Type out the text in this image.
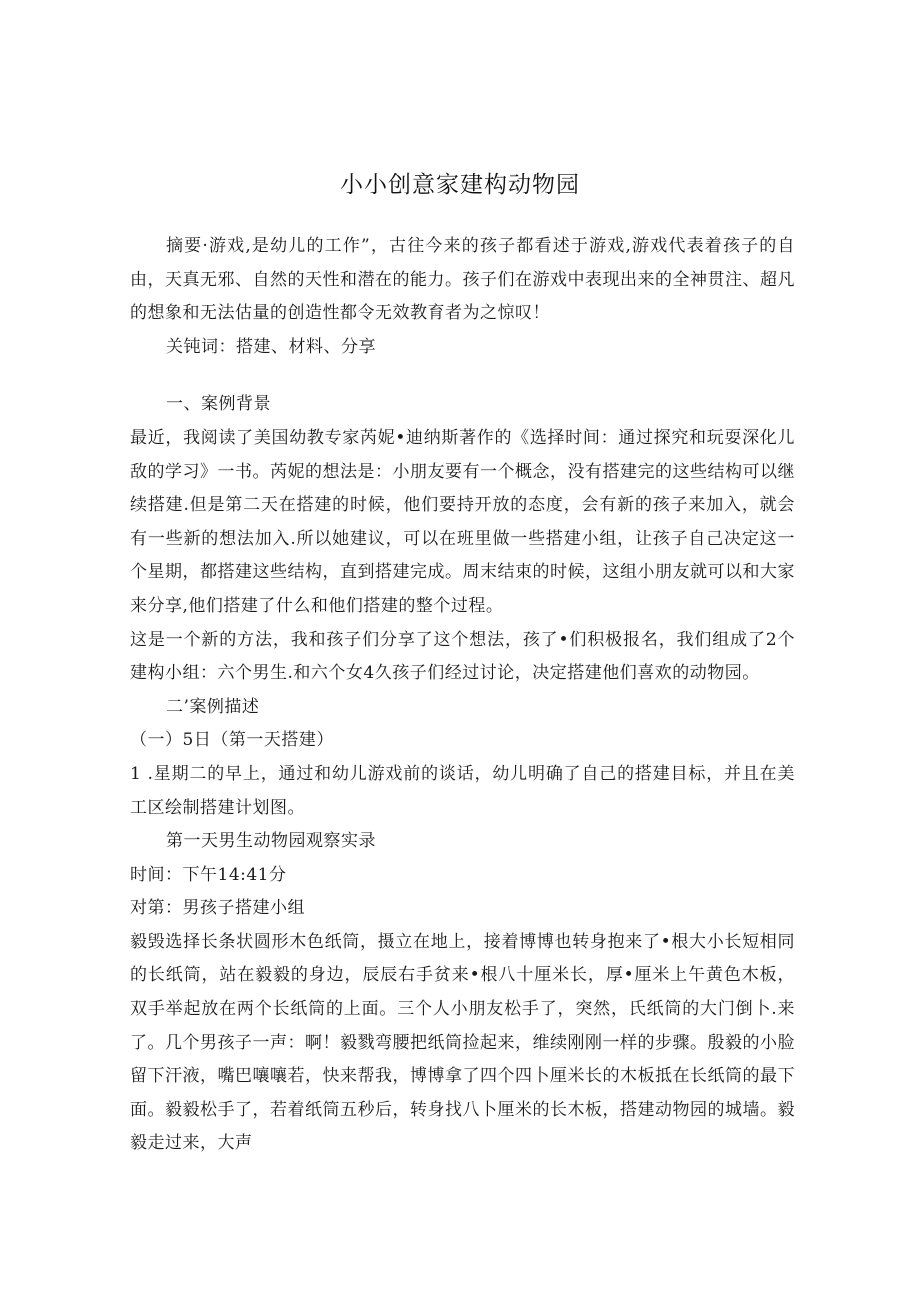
小小创意家建构动物园

摘要·游戏,是幼儿的工作”，古往今来的孩子都看述于游戏,游戏代表着孩子的自由，天真无邪、自然的天性和潜在的能力。孩子们在游戏中表现出来的全神贯注、超凡的想象和无法估量的创造性都令无效教育者为之惊叹！

关钝词：搭建、材料、分享

一、案例背景

最近，我阅读了美国幼教专家芮妮•迪纳斯著作的《选择时间：通过探究和玩耍深化儿敌的学习》一书。芮妮的想法是：小朋友要有一个概念，没有搭建完的这些结构可以继续搭建.但是第二天在搭建的时候，他们要持开放的态度，会有新的孩子来加入，就会有一些新的想法加入.所以她建议，可以在班里做一些搭建小组，让孩子自己决定这一个星期，都搭建这些结构，直到搭建完成。周末结束的时候，这组小朋友就可以和大家来分享,他们搭建了什么和他们搭建的整个过程。

这是一个新的方法，我和孩子们分享了这个想法，孩了•们积极报名，我们组成了2个建构小组：六个男生.和六个女4久孩子们经过讨论，决定搭建他们喜欢的动物园。

二’案例描述

（一）5日（第一天搭建）

1 .星期二的早上，通过和幼儿游戏前的谈话，幼儿明确了自己的搭建目标，并且在美工区绘制搭建计划图。

第一天男生动物园观察实录

时间：下午14:41分

对第：男孩子搭建小组

毅毁选择长条状圆形木色纸筒，摄立在地上，接着博博也转身抱来了•根大小长短相同的长纸筒，站在毅毅的身边，辰辰右手贫来•根八十厘米长，厚•厘米上午黄色木板，双手举起放在两个长纸筒的上面。三个人小朋友松手了，突然，氏纸筒的大门倒卜.来了。几个男孩子一声：啊！毅戮弯腰把纸筒捡起来，维续刚刚一样的步骤。殷毅的小脸留下汗液，嘴巴嚷嚷若，快来帮我，博博拿了四个四卜厘米长的木板抵在长纸筒的最下面。毅毅松手了，若着纸筒五秒后，转身找八卜厘米的长木板，搭建动物园的城墙。毅毅走过来，大声
